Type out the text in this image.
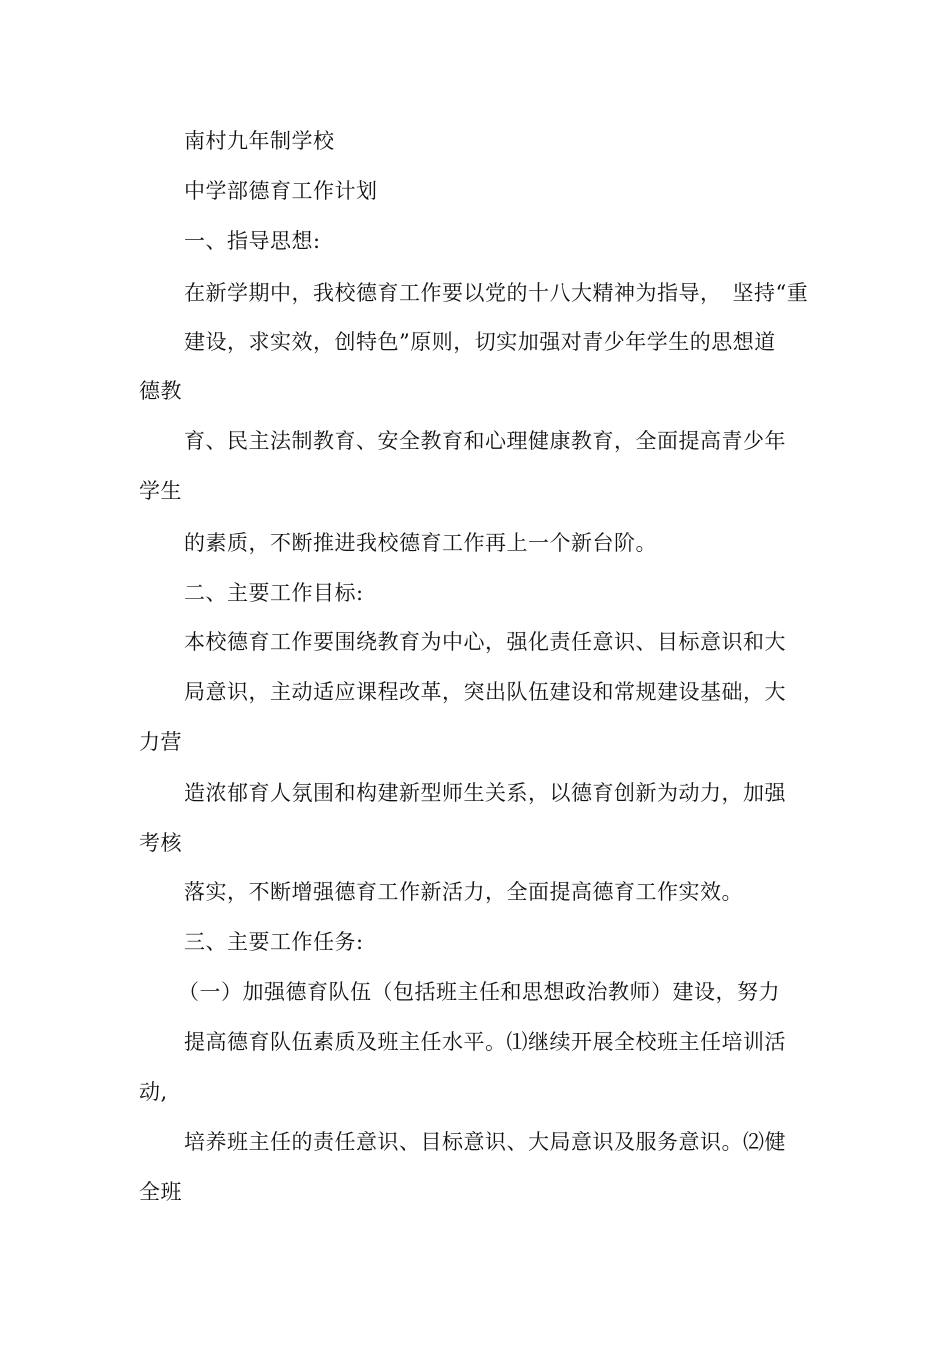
南村九年制学校
中学部德育工作计划
一、指导思想:
在新学期中，我校德育工作要以党的十八大精神为指导，　坚持“重
建设，求实效，创特色”原则，切实加强对青少年学生的思想道
德教
育、民主法制教育、安全教育和心理健康教育，全面提高青少年
学生
的素质，不断推进我校德育工作再上一个新台阶。
二、主要工作目标:
本校德育工作要围绕教育为中心，强化责任意识、目标意识和大
局意识，主动适应课程改革，突出队伍建设和常规建设基础，大
力营
造浓郁育人氛围和构建新型师生关系，以德育创新为动力，加强
考核
落实，不断增强德育工作新活力，全面提高德育工作实效。
三、主要工作任务:
（一）加强德育队伍（包括班主任和思想政治教师）建设，努力
提高德育队伍素质及班主任水平。⑴继续开展全校班主任培训活
动,
培养班主任的责任意识、目标意识、大局意识及服务意识。⑵健
全班
